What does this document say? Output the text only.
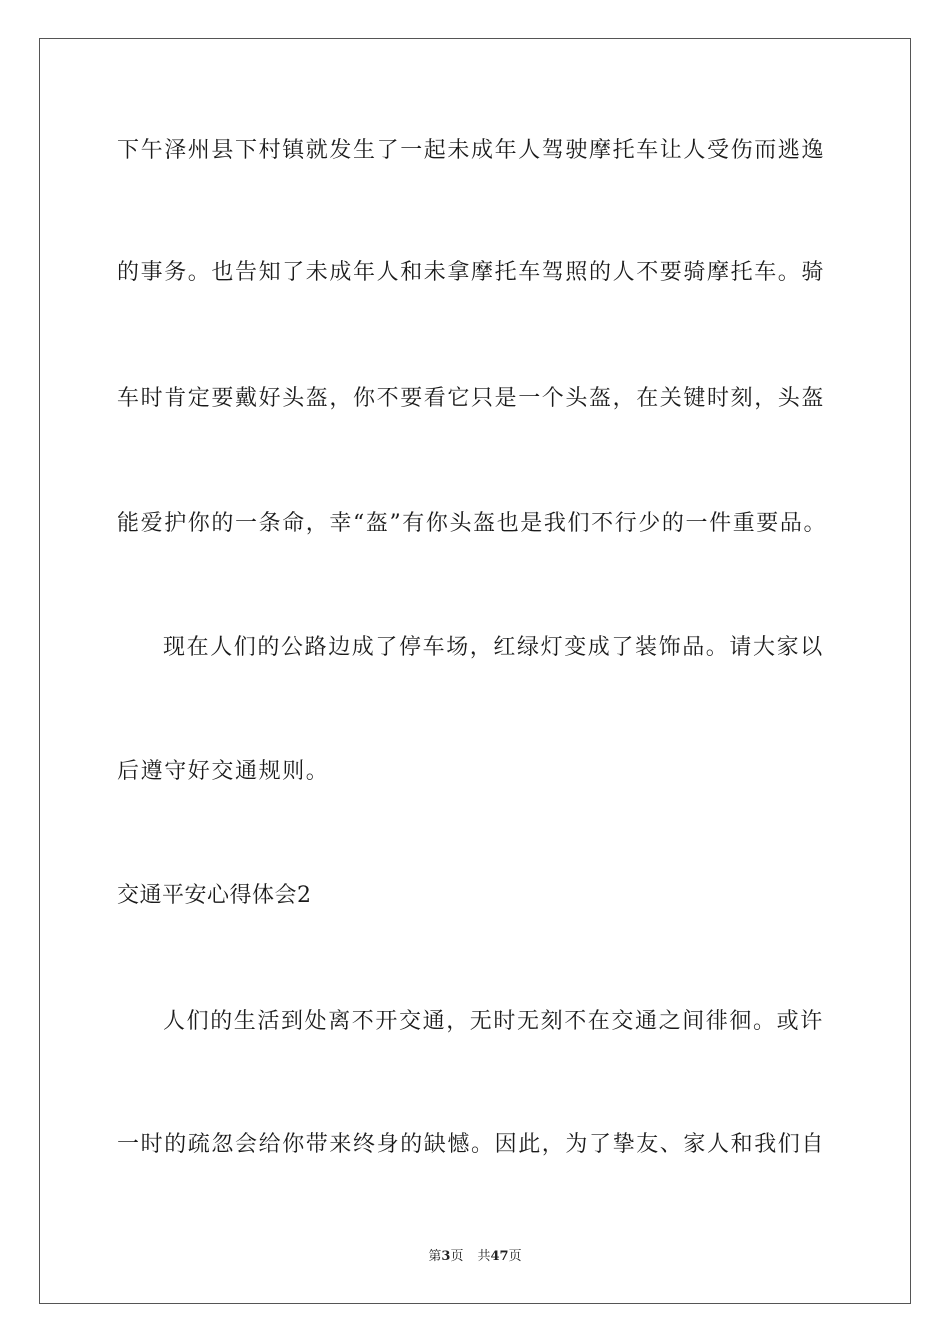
下午泽州县下村镇就发生了一起未成年人驾驶摩托车让人受伤而逃逸
的事务。也告知了未成年人和未拿摩托车驾照的人不要骑摩托车。骑
车时肯定要戴好头盔，你不要看它只是一个头盔，在关键时刻，头盔
能爱护你的一条命，幸“盔”有你头盔也是我们不行少的一件重要品。
现在人们的公路边成了停车场，红绿灯变成了装饰品。请大家以
后遵守好交通规则。
交通平安心得体会2
人们的生活到处离不开交通，无时无刻不在交通之间徘徊。或许
一时的疏忽会给你带来终身的缺憾。因此，为了挚友、家人和我们自
第3页 共47页
